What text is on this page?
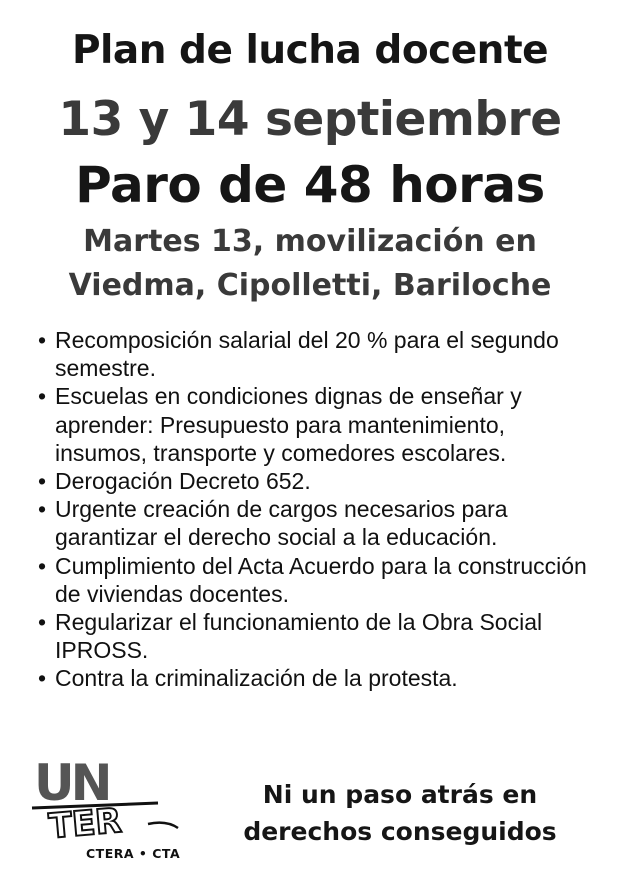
Plan de lucha docente
13 y 14 septiembre
Paro de 48 horas
Martes 13, movilización en
Viedma, Cipolletti, Bariloche
• Recomposición salarial del 20 % para el segundo semestre.
• Escuelas en condiciones dignas de enseñar y aprender: Presupuesto para mantenimiento, insumos, transporte y comedores escolares.
• Derogación Decreto 652.
• Urgente creación de cargos necesarios para garantizar el derecho social a la educación.
• Cumplimiento del Acta Acuerdo para la construcción de viviendas docentes.
• Regularizar el funcionamiento de la Obra Social IPROSS.
• Contra la criminalización de la protesta.
UN
TER
CTERA • CTA
Ni un paso atrás en
derechos conseguidos
